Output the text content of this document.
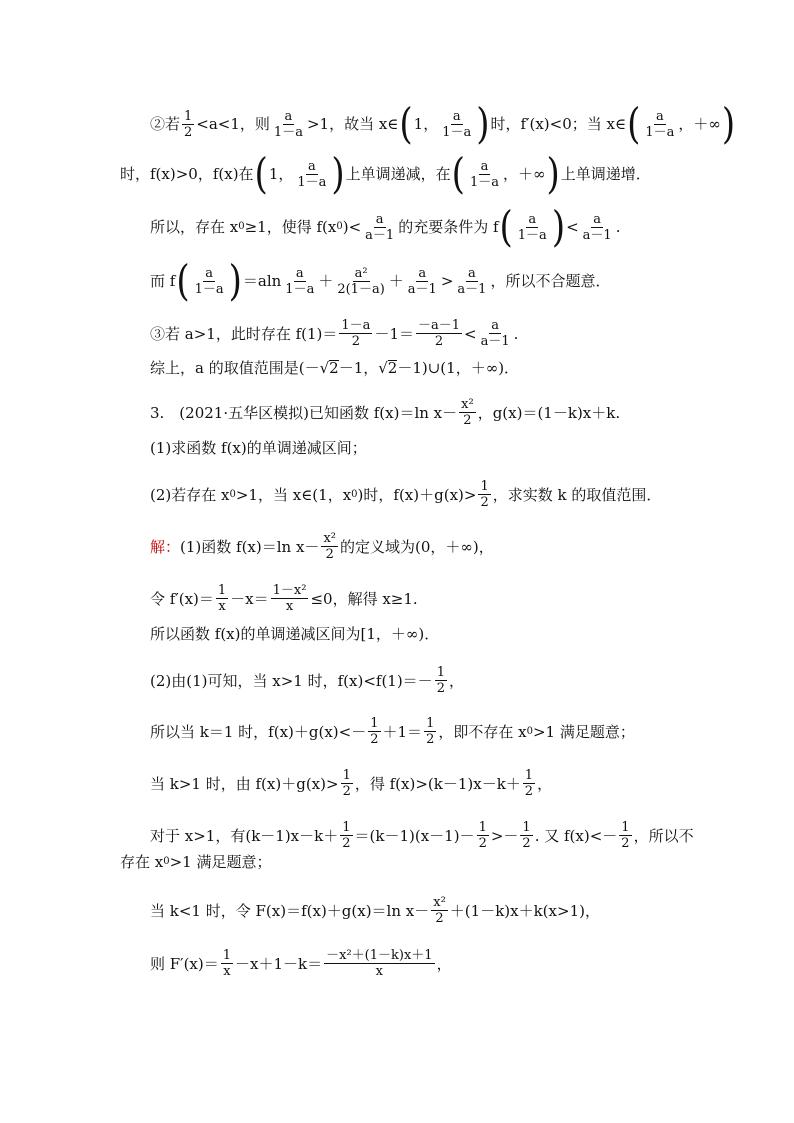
②若 $\frac{1}{2} <a<1$，则 $\frac{a}{1-a} >1$，故当 x∈ ( 1， $\frac{a}{1-a}$ ) 时，f′(x)<0；当 x∈ ( $\frac{a}{1-a}$ ，＋∞ )
时，f(x)>0，f(x)在 ( 1， $\frac{a}{1-a}$ ) 上单调递减，在 ( $\frac{a}{1-a}$ ，＋∞ ) 上单调递增．
所以，存在 x 0 ≥1，使得 f(x 0 )< $\frac{a}{a-1}$ 的充要条件为 f ( $\frac{a}{1-a}$ ) < $\frac{a}{a-1}$ .
而 f ( $\frac{a}{1-a}$ ) $=aln \frac{a}{1-a} + \frac{\text{a²}}{2(1-a)} + \frac{a}{a-1} > \frac{a}{a-1}$ ，所以不合题意．
③若 a>1，此时存在 $f(1)= \frac{1-a}{2} -1= \frac{-a-1}{2} < \frac{a}{a-1}$ .
综上，a 的取值范围是(－ √ 2 －1， √ 2 －1)∪(1，＋∞)．
3.　(2021·五华区模拟)已知函数 f(x)＝ln $x- \frac{\text{x²}}{2}$ ，g(x)＝(1－k)x＋k.
(1)求函数 f(x)的单调递减区间；
(2)若存在 x 0 >1，当 x∈(1，x 0 )时，$f(x)+g(x)> \frac{1}{2}$ ，求实数 k 的取值范围．
解： (1)函数 f(x)＝ln $x- \frac{\text{x²}}{2}$ 的定义域为(0，＋∞)，
令 $f'(x)= \frac{1}{x} -x= \frac{\text{1－x²}}{x} \le 0$，解得 x≥1.
所以函数 f(x)的单调递减区间为[1，＋∞)．
(2)由(1)可知，当 x>1 时，$f(x)<f(1)=- \frac{1}{2}$ ，
所以当 k＝1 时，$f(x)+g(x)<- \frac{1}{2} +1= \frac{1}{2}$ ，即不存在 x 0 >1 满足题意；
当 k>1 时，由 $f(x)+g(x)> \frac{1}{2}$ ，得 $f(x)>(k-1)x-k+ \frac{1}{2}$ ，
对于 x>1，有$(k-1)x-k+ \frac{1}{2} =(k-1)(x-1)- \frac{1}{2} >- \frac{1}{2}$ . 又 $f(x)<- \frac{1}{2}$ ，所以不
存在 x 0 >1 满足题意；
当 k<1 时，令 F(x)＝f(x)＋g(x)＝ln $x- \frac{\text{x²}}{2} +(1-k)x+k(x>1)$，
则 $F'(x)= \frac{1}{x} -x+1-k= \frac{\text{－x²＋(1－k)x＋1}}{x}$ ，
